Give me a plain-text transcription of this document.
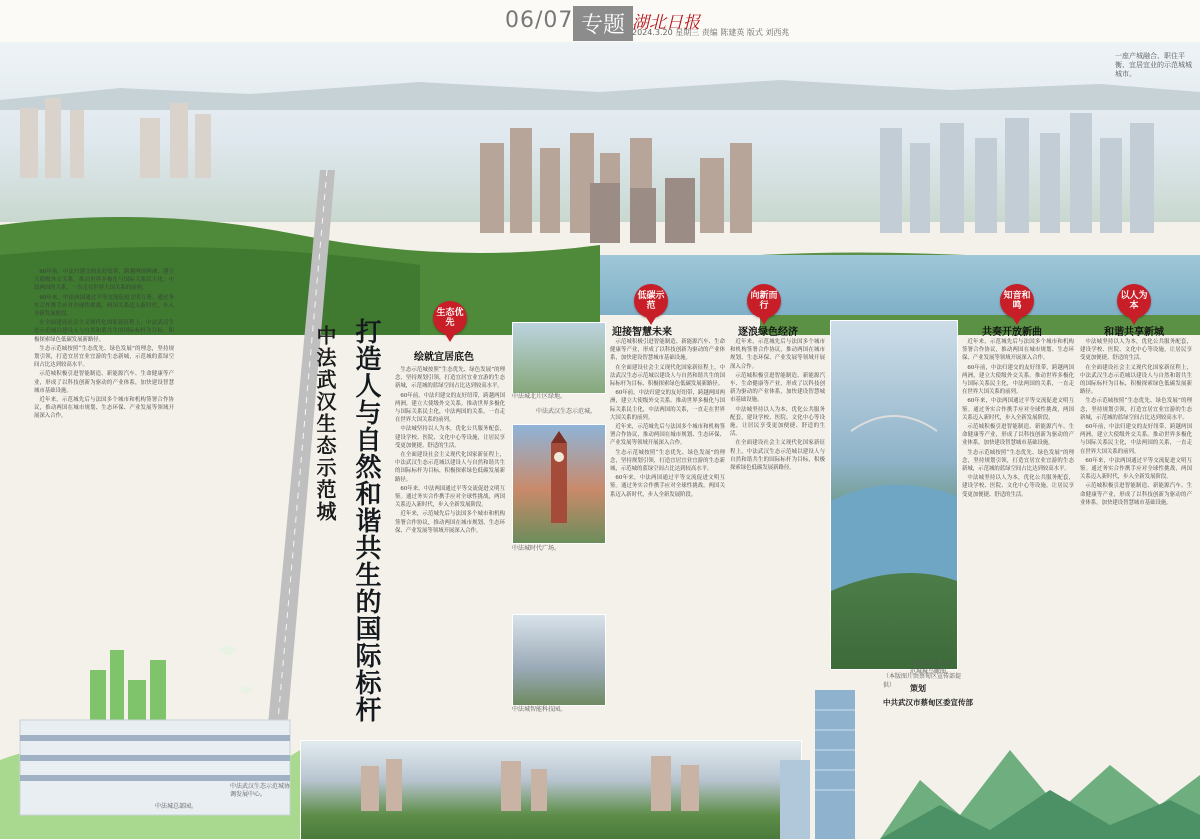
06/07 专题 湖北日报
2024.3.20 星期三 责编 陈建英 版式 刘西兆
一座产城融合、职住平衡、宜居宜业的示范城城城市。

60年前，中法归建交的友好纽带，跨越两国两洲，建立大使级外交关系。推动世界多极化与国际关系民主化，中法两国的关系，一直走在世界大国关系的前列。

60年来，中法两国通过平等交流促进文明互鉴。通过务实合作携手应对全球性挑战，两国关系迈入新时代，步入全新发展阶段。

在全面建设社会主义现代化国家新征程上，中法武汉生态示范城以建设人与自然和谐共生的国际标杆为目标，积极探索绿色低碳发展新路径。

生态示范城按照“生态优先、绿色发展”的理念，坚持规划引领，打造宜居宜业宜游的生态新城，示范城的蓝绿空间占比达到较高水平。

示范城积极引进智能制造、新能源汽车、生命健康等产业，形成了以科技创新为驱动的产业体系，加快建设智慧城市基础设施。

近年来，示范城先后与法国多个城市和机构签署合作协议，推动两国在城市规划、生态环保、产业发展等领域开展深入合作。	打造人与自然和谐共生的国际标杆
中法武汉生态示范城
生态优先
低碳示范
向新而行
知音和鸣
以人为本
绘就宜居底色
迎接智慧未来	逐浪绿色经济	共奏开放新曲	和谐共享新城

生态示范城按照“生态优先、绿色发展”的理念，坚持规划引领，打造宜居宜业宜游的生态新城，示范城的蓝绿空间占比达到较高水平。

60年前，中法归建交的友好纽带，跨越两国两洲，建立大使级外交关系。推动世界多极化与国际关系民主化，中法两国的关系，一直走在世界大国关系的前列。

中法城坚持以人为本，优化公共服务配套，建设学校、医院、文化中心等设施，让居民享受更加便捷、舒适的生活。

在全面建设社会主义现代化国家新征程上，中法武汉生态示范城以建设人与自然和谐共生的国际标杆为目标，积极探索绿色低碳发展新路径。

60年来，中法两国通过平等交流促进文明互鉴。通过务实合作携手应对全球性挑战，两国关系迈入新时代，步入全新发展阶段。

近年来，示范城先后与法国多个城市和机构签署合作协议，推动两国在城市规划、生态环保、产业发展等领域开展深入合作。

中法城北片区绿地。
中法城时代广场。
中法城智能科技园。

示范城积极引进智能制造、新能源汽车、生命健康等产业，形成了以科技创新为驱动的产业体系，加快建设智慧城市基础设施。

在全面建设社会主义现代化国家新征程上，中法武汉生态示范城以建设人与自然和谐共生的国际标杆为目标，积极探索绿色低碳发展新路径。

60年前，中法归建交的友好纽带，跨越两国两洲，建立大使级外交关系。推动世界多极化与国际关系民主化，中法两国的关系，一直走在世界大国关系的前列。

近年来，示范城先后与法国多个城市和机构签署合作协议，推动两国在城市规划、生态环保、产业发展等领域开展深入合作。

生态示范城按照“生态优先、绿色发展”的理念，坚持规划引领，打造宜居宜业宜游的生态新城，示范城的蓝绿空间占比达到较高水平。

60年来，中法两国通过平等交流促进文明互鉴。通过务实合作携手应对全球性挑战，两国关系迈入新时代，步入全新发展阶段。

近年来，示范城先后与法国多个城市和机构签署合作协议，推动两国在城市规划、生态环保、产业发展等领域开展深入合作。

示范城积极引进智能制造、新能源汽车、生命健康等产业，形成了以科技创新为驱动的产业体系，加快建设智慧城市基础设施。

中法城坚持以人为本，优化公共服务配套，建设学校、医院、文化中心等设施，让居民享受更加便捷、舒适的生活。

在全面建设社会主义现代化国家新征程上，中法武汉生态示范城以建设人与自然和谐共生的国际标杆为目标，积极探索绿色低碳发展新路径。

中法武汉生态示范城城鸟瞰图。

近年来，示范城先后与法国多个城市和机构签署合作协议，推动两国在城市规划、生态环保、产业发展等领域开展深入合作。

60年前，中法归建交的友好纽带，跨越两国两洲，建立大使级外交关系。推动世界多极化与国际关系民主化，中法两国的关系，一直走在世界大国关系的前列。

60年来，中法两国通过平等交流促进文明互鉴。通过务实合作携手应对全球性挑战，两国关系迈入新时代，步入全新发展阶段。

示范城积极引进智能制造、新能源汽车、生命健康等产业，形成了以科技创新为驱动的产业体系，加快建设智慧城市基础设施。

生态示范城按照“生态优先、绿色发展”的理念，坚持规划引领，打造宜居宜业宜游的生态新城，示范城的蓝绿空间占比达到较高水平。

中法城坚持以人为本，优化公共服务配套，建设学校、医院、文化中心等设施，让居民享受更加便捷、舒适的生活。

中法城坚持以人为本，优化公共服务配套，建设学校、医院、文化中心等设施，让居民享受更加便捷、舒适的生活。

在全面建设社会主义现代化国家新征程上，中法武汉生态示范城以建设人与自然和谐共生的国际标杆为目标，积极探索绿色低碳发展新路径。

生态示范城按照“生态优先、绿色发展”的理念，坚持规划引领，打造宜居宜业宜游的生态新城，示范城的蓝绿空间占比达到较高水平。

60年前，中法归建交的友好纽带，跨越两国两洲，建立大使级外交关系。推动世界多极化与国际关系民主化，中法两国的关系，一直走在世界大国关系的前列。

60年来，中法两国通过平等交流促进文明互鉴。通过务实合作携手应对全球性挑战，两国关系迈入新时代，步入全新发展阶段。

示范城积极引进智能制造、新能源汽车、生命健康等产业，形成了以科技创新为驱动的产业体系，加快建设智慧城市基础设施。

中法城总部园。
中法武汉生态示范城协调发展中心。
（本版图片由蔡甸区宣传部提供）	策划
中共武汉市蔡甸区委宣传部
中法武汉生态示范城。
